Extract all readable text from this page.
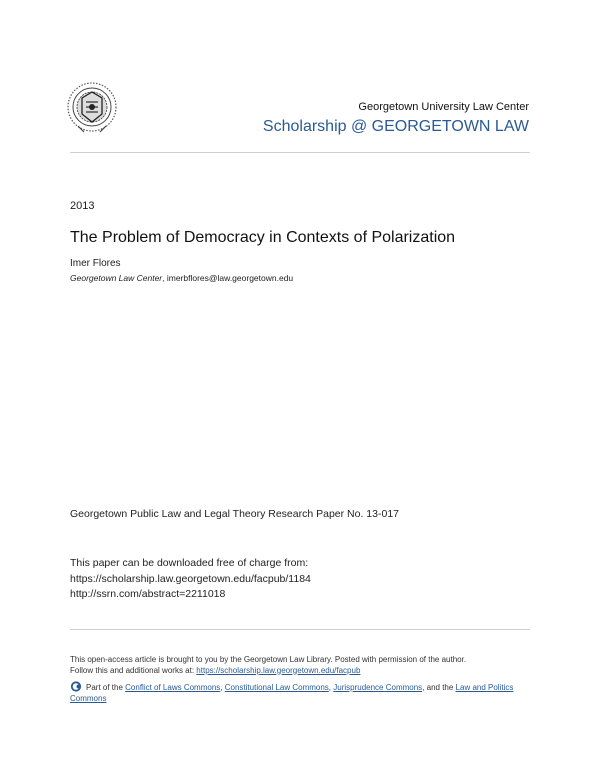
Georgetown University Law Center
Scholarship @ GEORGETOWN LAW
2013
The Problem of Democracy in Contexts of Polarization
Imer Flores
Georgetown Law Center, imerbflores@law.georgetown.edu
Georgetown Public Law and Legal Theory Research Paper No. 13-017
This paper can be downloaded free of charge from:
https://scholarship.law.georgetown.edu/facpub/1184
http://ssrn.com/abstract=2211018
This open-access article is brought to you by the Georgetown Law Library. Posted with permission of the author.
Follow this and additional works at: https://scholarship.law.georgetown.edu/facpub
Part of the Conflict of Laws Commons, Constitutional Law Commons, Jurisprudence Commons, and the Law and Politics Commons
